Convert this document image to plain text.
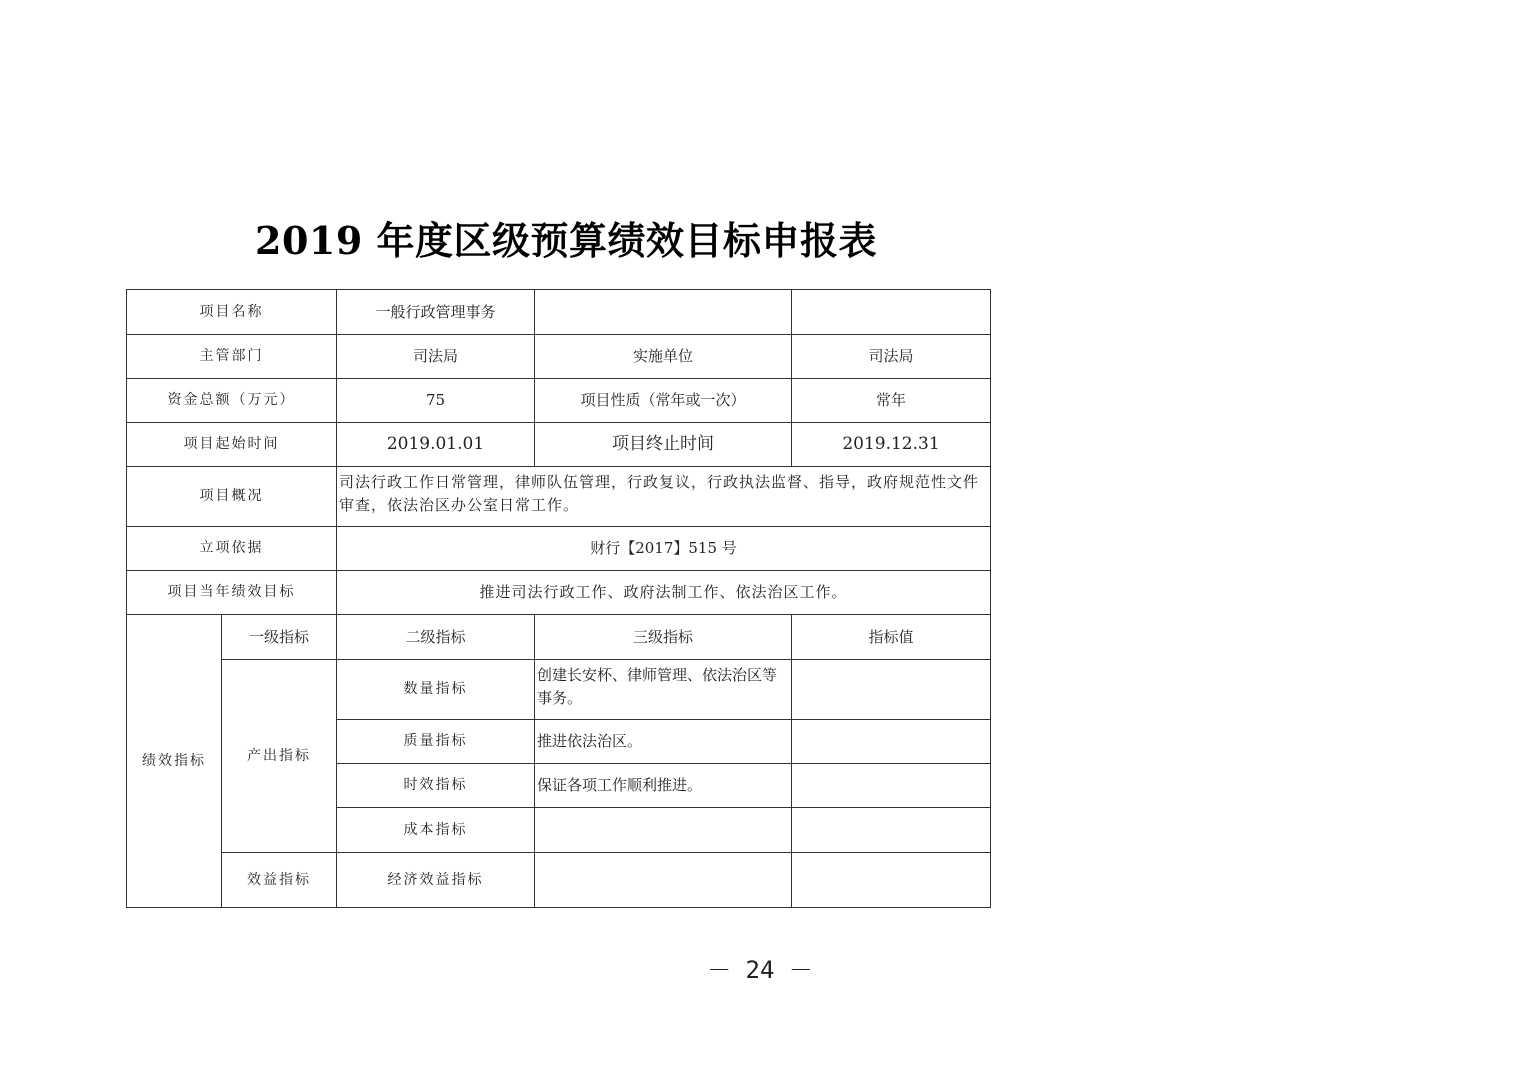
2019 年度区级预算绩效目标申报表
项目名称		一般行政管理事务		
主管部门		司法局	实施单位	司法局
资金总额（万元）		75	项目性质（常年或一次）	常年
项目起始时间		2019.01.01	项目终止时间	2019.12.31
项目概况		司法行政工作日常管理，律师队伍管理，行政复议，行政执法监督、指导，政府规范性文件审查，依法治区办公室日常工作。		
立项依据		财行【2017】515 号		
项目当年绩效目标		推进司法行政工作、政府法制工作、依法治区工作。		
绩效指标	一级指标	二级指标	三级指标	指标值
	产出指标	数量指标	创建长安杯、律师管理、依法治区等事务。	
		质量指标	推进依法治区。	
		时效指标	保证各项工作顺利推进。	
		成本指标		
	效益指标	经济效益指标		
－ 24 －
